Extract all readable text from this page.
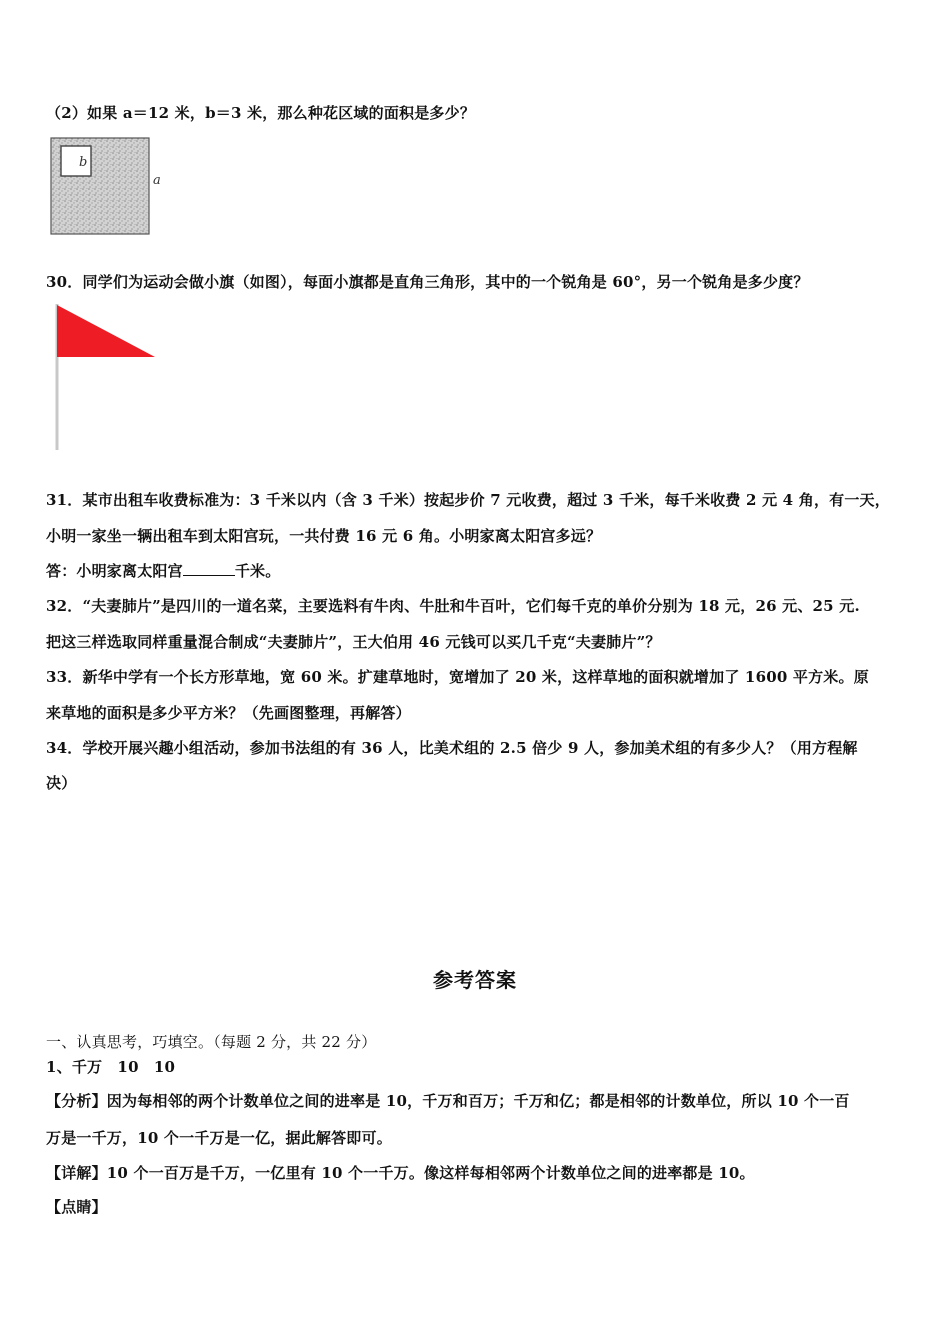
（2）如果 a＝12 米，b＝3 米，那么种花区域的面积是多少？
b
a
30．同学们为运动会做小旗（如图），每面小旗都是直角三角形，其中的一个锐角是 60°，另一个锐角是多少度？
31．某市出租车收费标准为：3 千米以内（含 3 千米）按起步价 7 元收费，超过 3 千米，每千米收费 2 元 4 角，有一天，
小明一家坐一辆出租车到太阳宫玩，一共付费 16 元 6 角。小明家离太阳宫多远？
答：小明家离太阳宫	千米。
32．“夫妻肺片”是四川的一道名菜，主要选料有牛肉、牛肚和牛百叶，它们每千克的单价分别为 18 元，26 元、25 元.
把这三样选取同样重量混合制成“夫妻肺片”，王大伯用 46 元钱可以买几千克“夫妻肺片”？
33．新华中学有一个长方形草地，宽 60 米。扩建草地时，宽增加了 20 米，这样草地的面积就增加了 1600 平方米。原
来草地的面积是多少平方米？（先画图整理，再解答）
34．学校开展兴趣小组活动，参加书法组的有 36 人，比美术组的 2.5 倍少 9 人，参加美术组的有多少人？（用方程解
决）
参考答案
一、认真思考，巧填空。（每题 2 分，共 22 分）
1、千万　10　10
【分析】因为每相邻的两个计数单位之间的进率是 10，千万和百万；千万和亿；都是相邻的计数单位，所以 10 个一百
万是一千万，10 个一千万是一亿，据此解答即可。
【详解】10 个一百万是千万，一亿里有 10 个一千万。像这样每相邻两个计数单位之间的进率都是 10。
【点睛】
